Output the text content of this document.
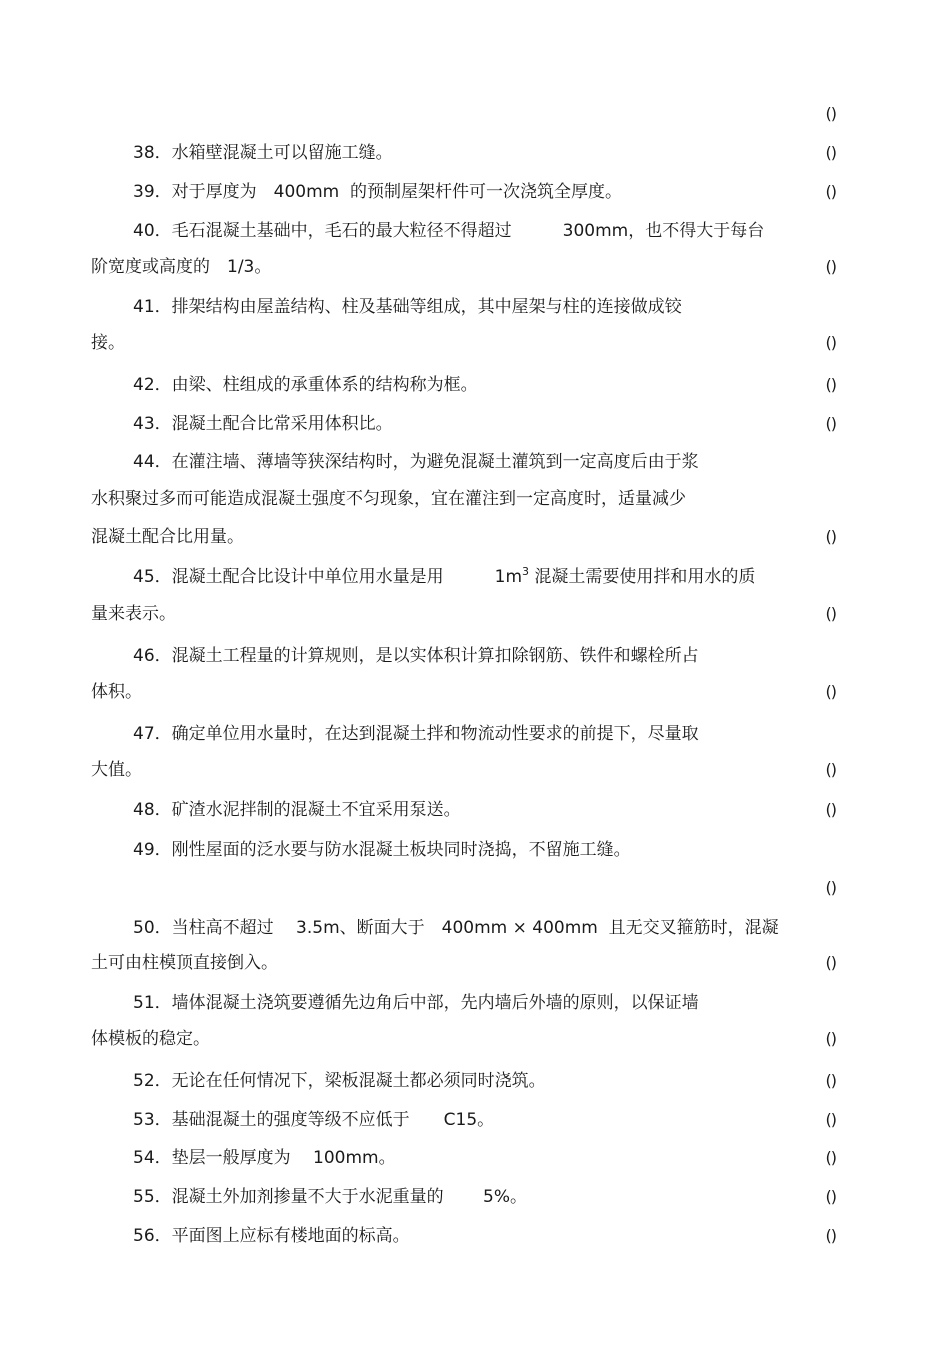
()
38．水箱壁混凝土可以留施工缝。	()
39．对于厚度为　400mm  的预制屋架杆件可一次浇筑全厚度。	()
40．毛石混凝土基础中，毛石的最大粒径不得超过　　　300mm，也不得大于每台
阶宽度或高度的　1/3。	()
41．排架结构由屋盖结构、柱及基础等组成，其中屋架与柱的连接做成铰
接。	()
42．由梁、柱组成的承重体系的结构称为框。	()
43．混凝土配合比常采用体积比。	()
44．在灌注墙、薄墙等狭深结构时，为避免混凝土灌筑到一定高度后由于浆
水积聚过多而可能造成混凝土强度不匀现象，宜在灌注到一定高度时，适量减少
混凝土配合比用量。	()
45．混凝土配合比设计中单位用水量是用　　　$1m^3$ 混凝土需要使用拌和用水的质
量来表示。	()
46．混凝土工程量的计算规则，是以实体积计算扣除钢筋、铁件和螺栓所占
体积。	()
47．确定单位用水量时，在达到混凝土拌和物流动性要求的前提下，尽量取
大值。	()
48．矿渣水泥拌制的混凝土不宜采用泵送。	()
49．刚性屋面的泛水要与防水混凝土板块同时浇捣，不留施工缝。
()
50．当柱高不超过　 3.5m、断面大于　400mm × 400mm  且无交叉箍筋时，混凝
土可由柱模顶直接倒入。	()
51．墙体混凝土浇筑要遵循先边角后中部，先内墙后外墙的原则，以保证墙
体模板的稳定。	()
52．无论在任何情况下，梁板混凝土都必须同时浇筑。	()
53．基础混凝土的强度等级不应低于　　C15。	()
54．垫层一般厚度为　 100mm。	()
55．混凝土外加剂掺量不大于水泥重量的　　 5%。	()
56．平面图上应标有楼地面的标高。	()
